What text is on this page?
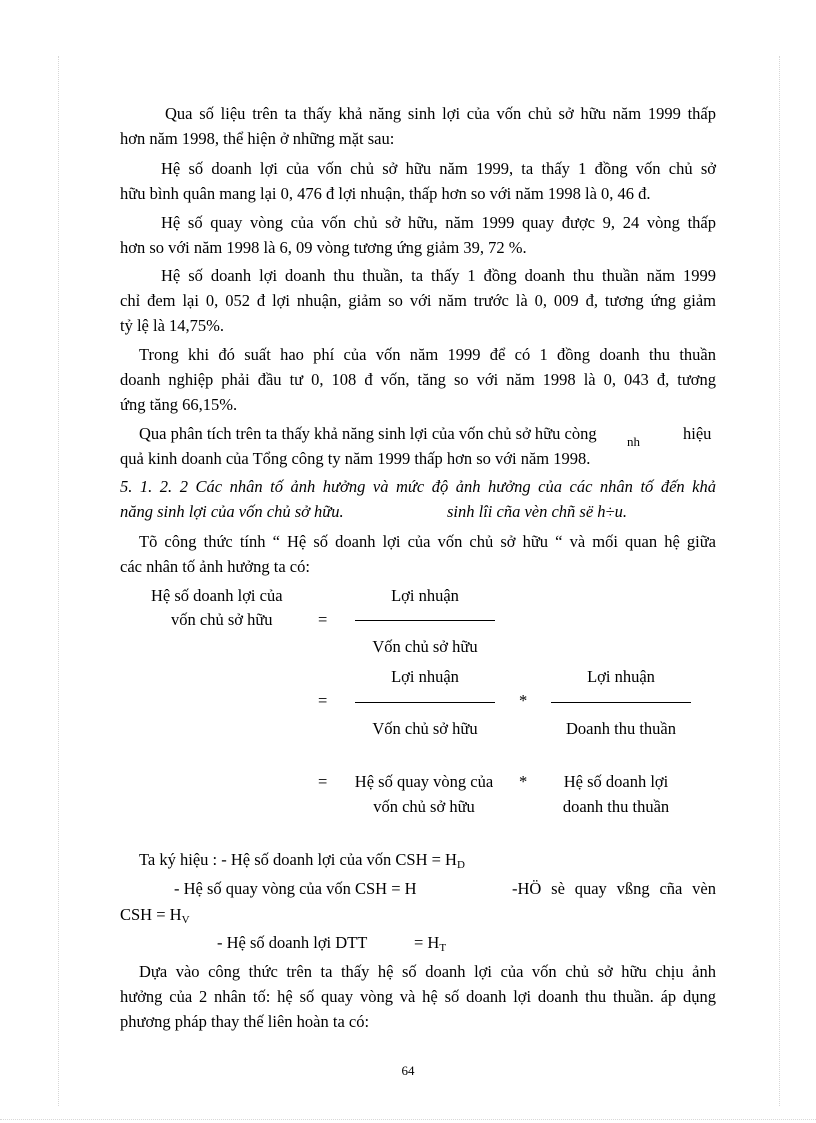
Qua số liệu trên ta thấy khả năng sinh lợi của vốn chủ sở hữu năm 1999 thấp
hơn năm 1998, thể hiện ở những mặt sau:
Hệ số doanh lợi của vốn chủ sở hữu năm 1999, ta thấy 1 đồng vốn chủ sở
hữu bình quân mang lại 0, 476 đ lợi nhuận, thấp hơn so với năm 1998 là 0, 46 đ.
Hệ số quay vòng của vốn chủ sở hữu, năm 1999 quay được 9, 24 vòng thấp
hơn so với năm 1998 là 6, 09 vòng tương ứng giảm 39, 72 %.
Hệ số doanh lợi doanh thu thuần, ta thấy 1 đồng doanh thu thuần năm 1999
chỉ đem lại 0, 052 đ lợi nhuận, giảm so với năm trước là 0, 009 đ, tương ứng giảm
tỷ lệ là 14,75%.
Trong khi đó suất hao phí của vốn năm 1999 để có 1 đồng doanh thu thuần
doanh nghiệp phải đầu tư 0, 108 đ vốn, tăng so với năm 1998 là 0, 043 đ, tương
ứng tăng 66,15%.
Qua phân tích trên ta thấy khả năng sinh lợi của vốn chủ sở hữu còng nh	hiệu
quả kinh doanh của Tổng công ty năm 1999 thấp hơn so với năm 1998.
5. 1. 2. 2 Các nhân tố ảnh hưởng và mức độ ảnh hưởng của các nhân tố đến khả
năng sinh lợi của vốn chủ sở hữu.	sinh lîi cña vèn chñ së h÷u.
Tõ công thức tính “ Hệ số doanh lợi của vốn chủ sở hữu “ và mối quan hệ giữa
các nhân tố ảnh hưởng ta có:
Hệ số doanh lợi của
vốn chủ sở hữu	=
Lợi nhuận
Vốn chủ sở hữu
Lợi nhuận
=
Vốn chủ sở hữu
*
Lợi nhuận
Doanh thu thuần
=	Hệ số quay vòng của
vốn chủ sở hữu
*	Hệ số doanh lợi
doanh thu thuần
Ta ký hiệu : - Hệ số doanh lợi của vốn CSH = $H_D$
- Hệ số quay vòng của vốn CSH = H	-HÖ sè quay vßng cña vèn
CSH = $H_V$
- Hệ số doanh lợi DTT	= $H_T$
Dựa vào công thức trên ta thấy hệ số doanh lợi của vốn chủ sở hữu chịu ảnh
hưởng của 2 nhân tố: hệ số quay vòng và hệ số doanh lợi doanh thu thuần. áp dụng
phương pháp thay thế liên hoàn ta có:
64
